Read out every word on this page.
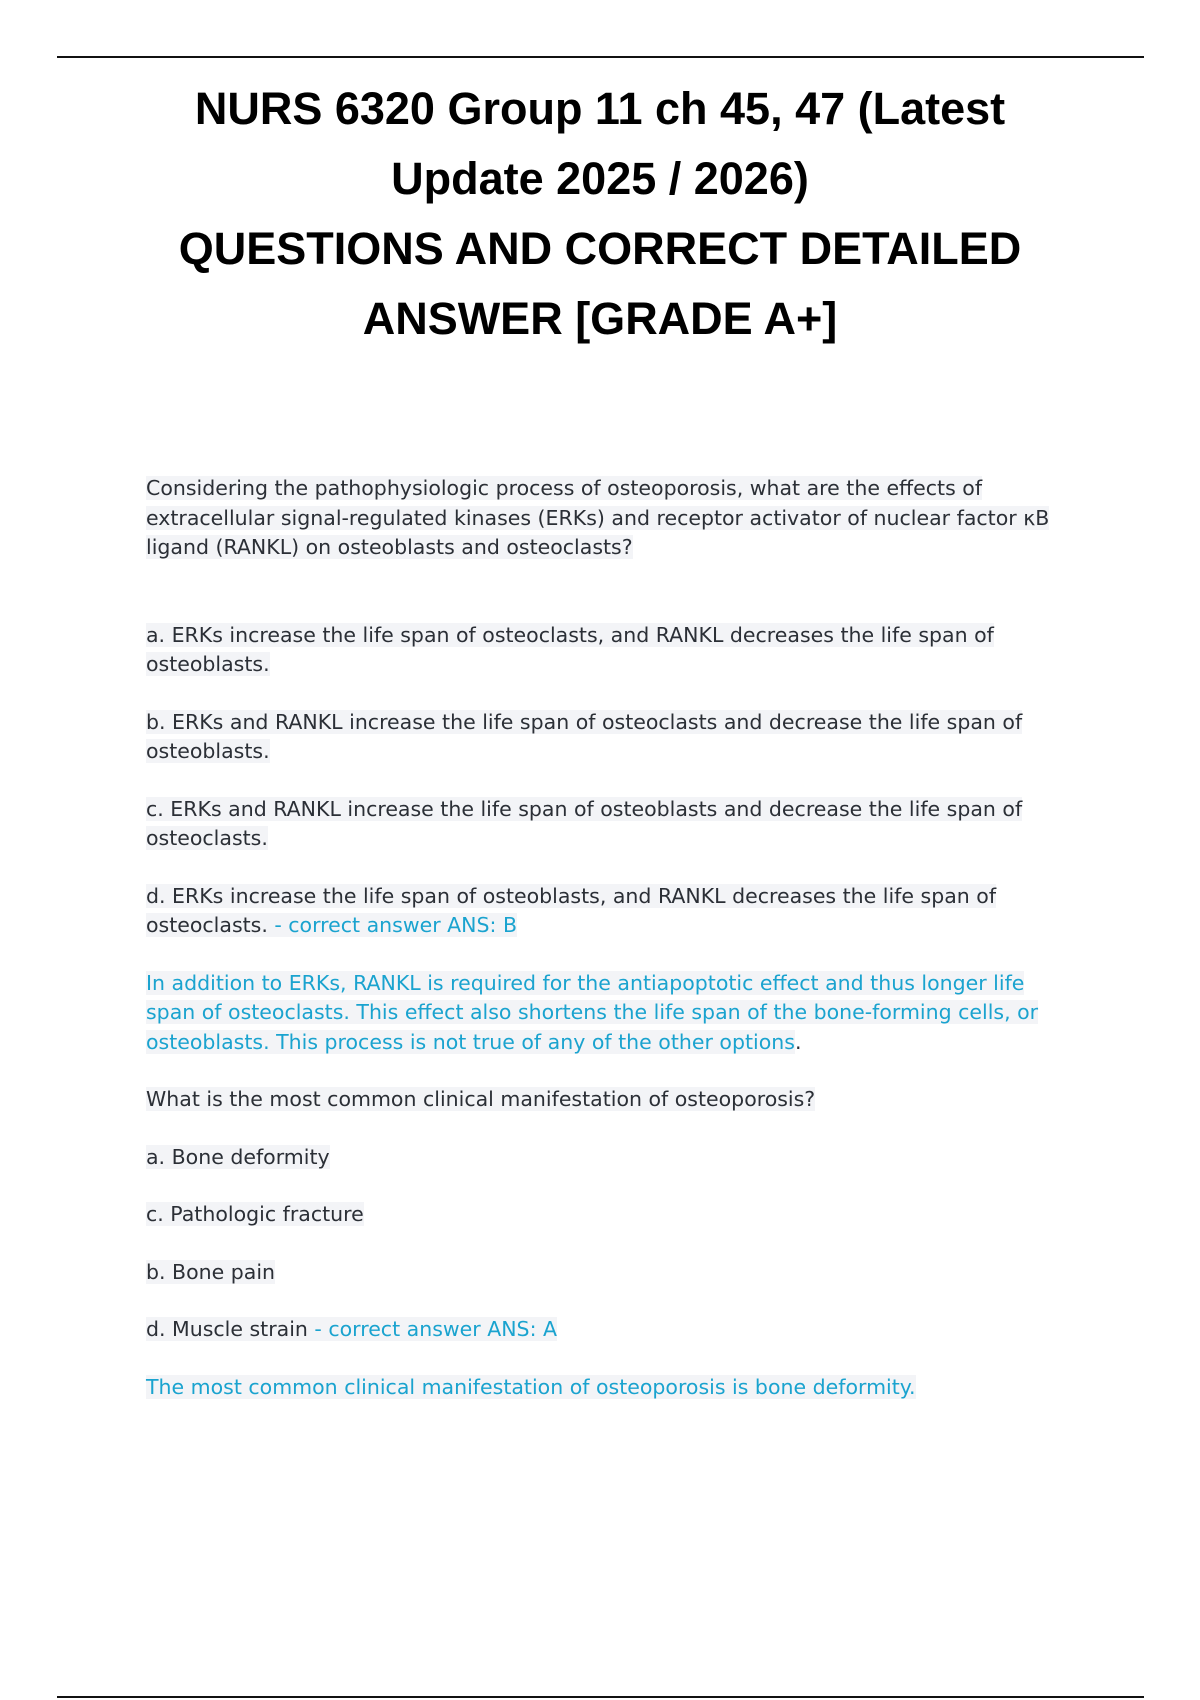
NURS 6320 Group 11 ch 45, 47 (Latest
Update 2025 / 2026)
QUESTIONS AND CORRECT DETAILED
ANSWER [GRADE A+]

Considering the pathophysiologic process of osteoporosis, what are the effects of extracellular signal-regulated kinases (ERKs) and receptor activator of nuclear factor κB ligand (RANKL) on osteoblasts and osteoclasts?

a. ERKs increase the life span of osteoclasts, and RANKL decreases the life span of osteoblasts.

b. ERKs and RANKL increase the life span of osteoclasts and decrease the life span of osteoblasts.

c. ERKs and RANKL increase the life span of osteoblasts and decrease the life span of osteoclasts.

d. ERKs increase the life span of osteoblasts, and RANKL decreases the life span of osteoclasts. - correct answer ANS: B

In addition to ERKs, RANKL is required for the antiapoptotic effect and thus longer life span of osteoclasts. This effect also shortens the life span of the bone-forming cells, or osteoblasts. This process is not true of any of the other options.

What is the most common clinical manifestation of osteoporosis?

a. Bone deformity

c. Pathologic fracture

b. Bone pain

d. Muscle strain - correct answer ANS: A

The most common clinical manifestation of osteoporosis is bone deformity.
